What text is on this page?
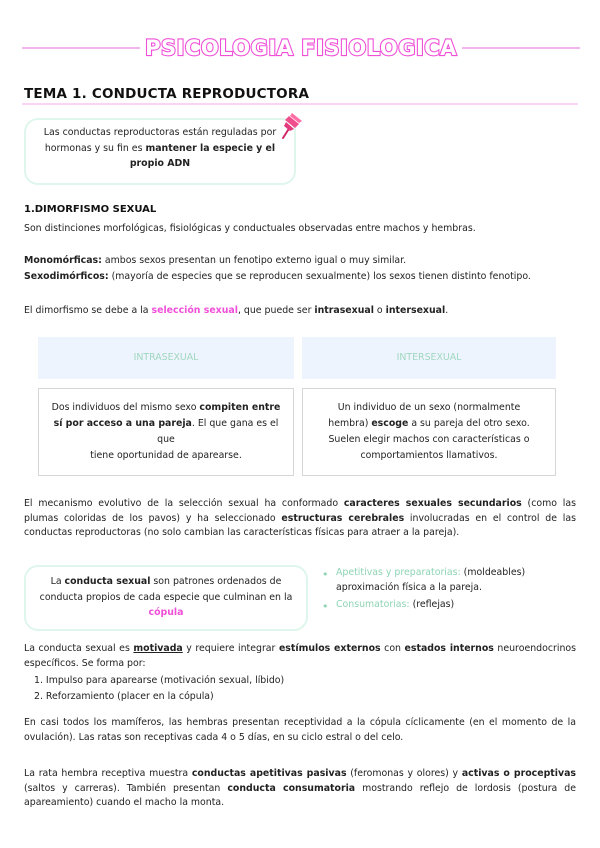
PSICOLOGIA FISIOLOGICA
TEMA 1. CONDUCTA REPRODUCTORA
Las conductas reproductoras están reguladas por
hormonas y su fin es mantener la especie y el
propio ADN
1.DIMORFISMO SEXUAL
Son distinciones morfológicas, fisiológicas y conductuales observadas entre machos y hembras.
Monomórficas: ambos sexos presentan un fenotipo externo igual o muy similar.
Sexodimórficos: (mayoría de especies que se reproducen sexualmente) los sexos tienen distinto fenotipo.
El dimorfismo se debe a la selección sexual, que puede ser intrasexual o intersexual.
INTRASEXUAL	INTERSEXUAL
Dos individuos del mismo sexo compiten entre
sí por acceso a una pareja. El que gana es el que
tiene oportunidad de aparearse.
Un individuo de un sexo (normalmente
hembra) escoge a su pareja del otro sexo.
Suelen elegir machos con características o
comportamientos llamativos.
El mecanismo evolutivo de la selección sexual ha conformado caracteres sexuales secundarios (como las plumas coloridas de los pavos) y ha seleccionado estructuras cerebrales involucradas en el control de las conductas reproductoras (no solo cambian las características físicas para atraer a la pareja).
La conducta sexual son patrones ordenados de
conducta propios de cada especie que culminan en la
cópula
• Apetitivas y preparatorias: (moldeables) aproximación física a la pareja.
• Consumatorias: (reflejas)
La conducta sexual es motivada y requiere integrar estímulos externos con estados internos neuroendocrinos específicos. Se forma por:
1. Impulso para aparearse (motivación sexual, líbido)
2. Reforzamiento (placer en la cópula)
En casi todos los mamíferos, las hembras presentan receptividad a la cópula cíclicamente (en el momento de la ovulación). Las ratas son receptivas cada 4 o 5 días, en su ciclo estral o del celo.
La rata hembra receptiva muestra conductas apetitivas pasivas (feromonas y olores) y activas o proceptivas (saltos y carreras). También presentan conducta consumatoria mostrando reflejo de lordosis (postura de apareamiento) cuando el macho la monta.
